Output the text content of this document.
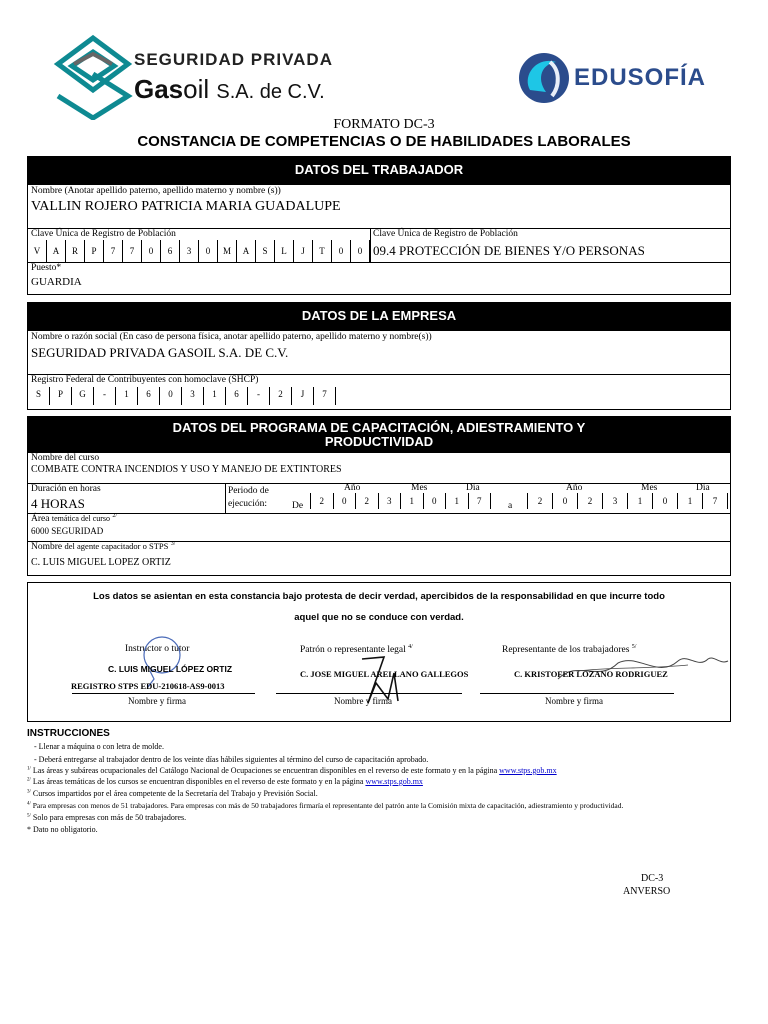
SEGURIDAD PRIVADA
Gasoil S.A. de C.V.
EDUSOFÍA
FORMATO DC-3
CONSTANCIA DE COMPETENCIAS O DE HABILIDADES LABORALES
DATOS DEL TRABAJADOR
Nombre (Anotar apellido paterno, apellido materno y nombre (s))
VALLIN ROJERO PATRICIA MARIA GUADALUPE
Clave Única de Registro de Población
V	A	R	P	7	7	0	6	3	0	M	A	S	L	J	T	0	0
Clave Única de Registro de Población
09.4 PROTECCIÓN DE BIENES Y/O PERSONAS
Puesto*
GUARDIA
DATOS DE LA EMPRESA
Nombre o razón social (En caso de persona física, anotar apellido paterno, apellido materno y nombre(s))
SEGURIDAD PRIVADA GASOIL S.A. DE C.V.
Registro Federal de Contribuyentes con homoclave (SHCP)
S	P	G	-	1	6	0	3	1	6	-	2	J	7
DATOS DEL PROGRAMA DE CAPACITACIÓN, ADIESTRAMIENTO Y
PRODUCTIVIDAD
Nombre del curso
COMBATE CONTRA INCENDIOS Y USO Y MANEJO DE EXTINTORES
Duración en horas
4 HORAS
Periodo de
ejecución:	De	a
Año	Mes	Día	Año	Mes	Día
2	0	2	3	1	0	1	7	2	0	2	3	1	0	1	7
Área temática del curso $^{2/}$
6000 SEGURIDAD
Nombre del agente capacitador o STPS $^{3/}$
C. LUIS MIGUEL LOPEZ ORTIZ
Los datos se asientan en esta constancia bajo protesta de decir verdad, apercibidos de la responsabilidad en que incurre todo
aquel que no se conduce con verdad.
Instructor o tutor	Patrón o representante legal $^{4/}$	Representante de los trabajadores $^{5/}$
C. LUIS MIGUEL LÓPEZ ORTIZ
REGISTRO STPS EDU-210618-AS9-0013
C. JOSE MIGUEL ARELLANO GALLEGOS	C. KRISTOFER LOZANO RODRIGUEZ
Nombre y firma	Nombre y firma	Nombre y firma
INSTRUCCIONES
- Llenar a máquina o con letra de molde.
- Deberá entregarse al trabajador dentro de los veinte días hábiles siguientes al término del curso de capacitación aprobado.
$^{1/}$ Las áreas y subáreas ocupacionales del Catálogo Nacional de Ocupaciones se encuentran disponibles en el reverso de este formato y en la página www.stps.gob.mx
$^{2/}$ Las áreas temáticas de los cursos se encuentran disponibles en el reverso de este formato y en la página www.stps.gob.mx
$^{3/}$ Cursos impartidos por el área competente de la Secretaría del Trabajo y Previsión Social.
$^{4/}$ Para empresas con menos de 51 trabajadores. Para empresas con más de 50 trabajadores firmaría el representante del patrón ante la Comisión mixta de capacitación, adiestramiento y productividad.
$^{5/}$ Solo para empresas con más de 50 trabajadores.
* Dato no obligatorio.
DC-3
ANVERSO
